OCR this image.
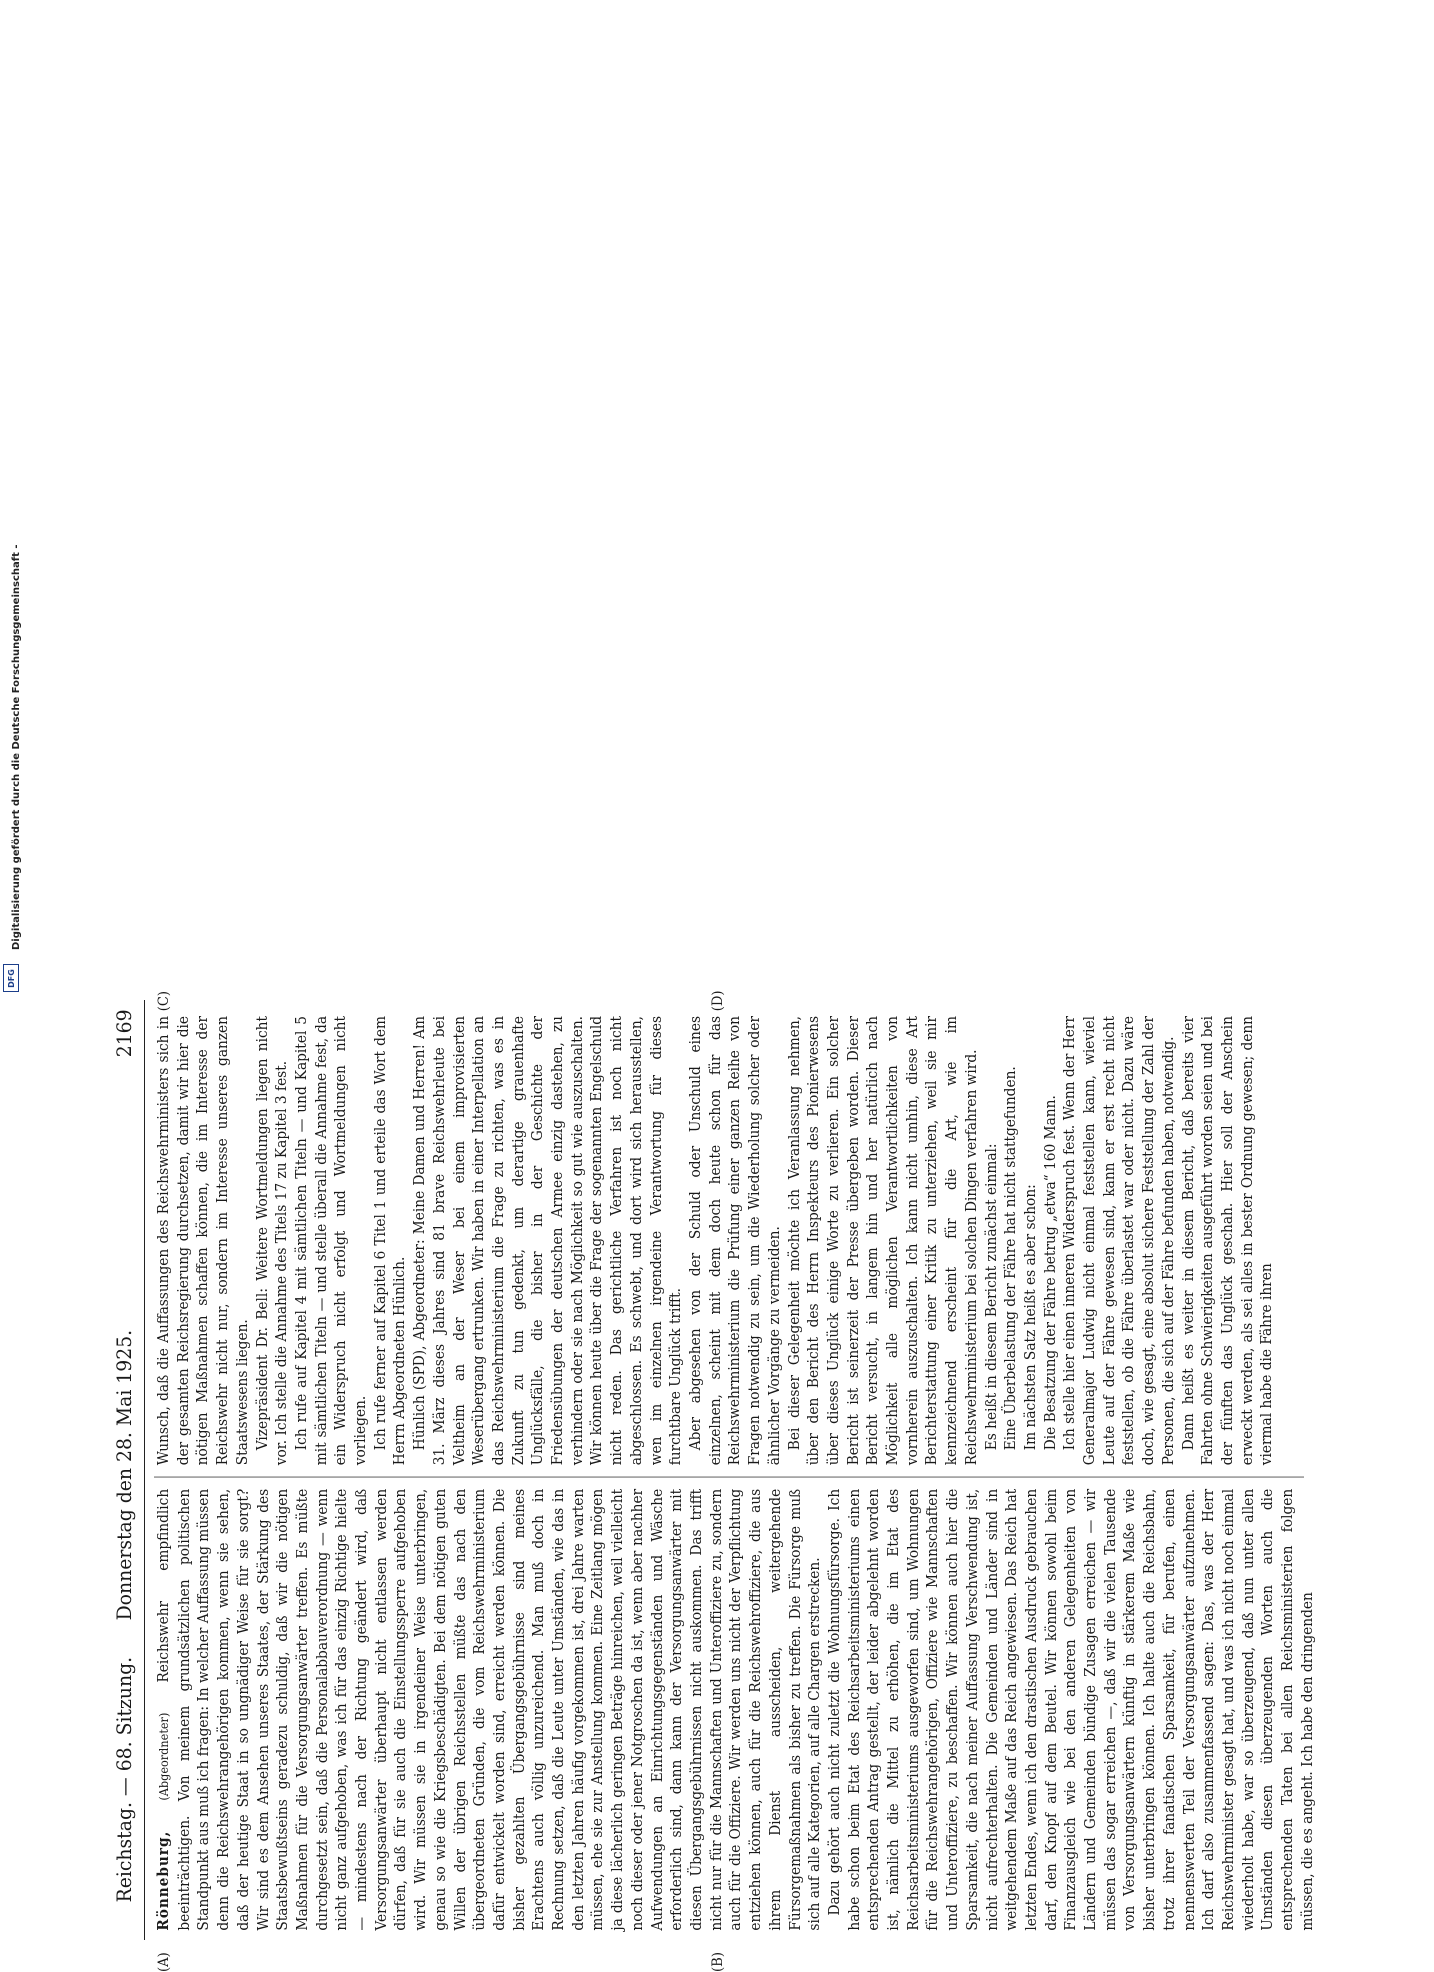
Digitalisierung gefördert durch die Deutsche Forschungsgemeinschaft -
DFG
Reichstag. — 68. Sitzung.
Donnerstag den 28. Mai 1925.
2169
(A)	(B)
(C)	(D)

Rönneburg, (Abgeordneter) Reichswehr empfindlich beeinträchtigen. Von meinem grundsätzlichen politischen Standpunkt aus muß ich fragen: In welcher Auffassung müssen denn die Reichswehrangehörigen kommen, wenn sie sehen, daß der heutige Staat in so ungnädiger Weise für sie sorgt? Wir sind es dem Ansehen unseres Staates, der Stärkung des Staatsbewußtseins geradezu schuldig, daß wir die nötigen Maßnahmen für die Versorgungsanwärter treffen. Es müßte durchgesetzt sein, daß die Personalabbauverordnung — wenn nicht ganz aufgehoben, was ich für das einzig Richtige hielte — mindestens nach der Richtung geändert wird, daß Versorgungsanwärter überhaupt nicht entlassen werden dürfen, daß für sie auch die Einstellungssperre aufgehoben wird. Wir müssen sie in irgendeiner Weise unterbringen, genau so wie die Kriegsbeschädigten. Bei dem nötigen guten Willen der übrigen Reichsstellen müßte das nach den übergeordneten Gründen, die vom Reichswehrministerium dafür entwickelt worden sind, erreicht werden können. Die bisher gezahlten Übergangsgebührnisse sind meines Erachtens auch völlig unzureichend. Man muß doch in Rechnung setzen, daß die Leute unter Umständen, wie das in den letzten Jahren häufig vorgekommen ist, drei Jahre warten müssen, ehe sie zur Anstellung kommen. Eine Zeitlang mögen ja diese lächerlich geringen Beträge hinreichen, weil vielleicht noch dieser oder jener Notgroschen da ist, wenn aber nachher Aufwendungen an Einrichtungsgegenständen und Wäsche erforderlich sind, dann kann der Versorgungsanwärter mit diesen Übergangsgebührnissen nicht auskommen. Das trifft nicht nur für die Mannschaften und Unteroffiziere zu, sondern auch für die Offiziere. Wir werden uns nicht der Verpflichtung entziehen können, auch für die Reichswehroffiziere, die aus ihrem Dienst ausscheiden, weitergehende Fürsorgemaßnahmen als bisher zu treffen. Die Fürsorge muß sich auf alle Kategorien, auf alle Chargen erstrecken. Dazu gehört auch nicht zuletzt die Wohnungsfürsorge. Ich habe schon beim Etat des Reichsarbeitsministeriums einen entsprechenden Antrag gestellt, der leider abgelehnt worden ist, nämlich die Mittel zu erhöhen, die im Etat des Reichsarbeitsministeriums ausgeworfen sind, um Wohnungen für die Reichswehrangehörigen, Offiziere wie Mannschaften und Unteroffiziere, zu beschaffen. Wir können auch hier die Sparsamkeit, die nach meiner Auffassung Verschwendung ist, nicht aufrechterhalten. Die Gemeinden und Länder sind in weitgehendem Maße auf das Reich angewiesen. Das Reich hat letzten Endes, wenn ich den drastischen Ausdruck gebrauchen darf, den Knopf auf dem Beutel. Wir können sowohl beim Finanzausgleich wie bei den anderen Gelegenheiten von Ländern und Gemeinden bündige Zusagen erreichen — wir müssen das sogar erreichen —, daß wir die vielen Tausende von Versorgungsanwärtern künftig in stärkerem Maße wie bisher unterbringen können. Ich halte auch die Reichsbahn, trotz ihrer fanatischen Sparsamkeit, für berufen, einen nennenswerten Teil der Versorgungsanwärter aufzunehmen. Ich darf also zusammenfassend sagen: Das, was der Herr Reichswehrminister gesagt hat, und was ich nicht noch einmal wiederholt habe, war so überzeugend, daß nun unter allen Umständen diesen überzeugenden Worten auch die entsprechenden Taten bei allen Reichsministerien folgen müssen, die es angeht. Ich habe den dringenden

Wunsch, daß die Auffassungen des Reichswehrministers sich in der gesamten Reichsregierung durchsetzen, damit wir hier die nötigen Maßnahmen schaffen können, die im Interesse der Reichswehr nicht nur, sondern im Interesse unseres ganzen Staatswesens liegen. Vizepräsident Dr. Bell: Weitere Wortmeldungen liegen nicht vor. Ich stelle die Annahme des Titels 17 zu Kapitel 3 fest. Ich rufe auf Kapitel 4 mit sämtlichen Titeln — und Kapitel 5 mit sämtlichen Titeln — und stelle überall die Annahme fest, da ein Widerspruch nicht erfolgt und Wortmeldungen nicht vorliegen. Ich rufe ferner auf Kapitel 6 Titel 1 und erteile das Wort dem Herrn Abgeordneten Hünlich. Hünlich (SPD), Abgeordneter: Meine Damen und Herren! Am 31. März dieses Jahres sind 81 brave Reichswehrleute bei Veltheim an der Weser bei einem improvisierten Weserübergang ertrunken. Wir haben in einer Interpellation an das Reichswehrministerium die Frage zu richten, was es in Zukunft zu tun gedenkt, um derartige grauenhafte Unglücksfälle, die bisher in der Geschichte der Friedensübungen der deutschen Armee einzig dastehen, zu verhindern oder sie nach Möglichkeit so gut wie auszuschalten. Wir können heute über die Frage der sogenannten Engelschuld nicht reden. Das gerichtliche Verfahren ist noch nicht abgeschlossen. Es schwebt, und dort wird sich herausstellen, wen im einzelnen irgendeine Verantwortung für dieses furchtbare Unglück trifft. Aber abgesehen von der Schuld oder Unschuld eines einzelnen, scheint mit dem doch heute schon für das Reichswehrministerium die Prüfung einer ganzen Reihe von Fragen notwendig zu sein, um die Wiederholung solcher oder ähnlicher Vorgänge zu vermeiden. Bei dieser Gelegenheit möchte ich Veranlassung nehmen, über den Bericht des Herrn Inspekteurs des Pionierwesens über dieses Unglück einige Worte zu verlieren. Ein solcher Bericht ist seinerzeit der Presse übergeben worden. Dieser Bericht versucht, in langem hin und her natürlich nach Möglichkeit alle möglichen Verantwortlichkeiten von vornherein auszuschalten. Ich kann nicht umhin, diese Art Berichterstattung einer Kritik zu unterziehen, weil sie mir kennzeichnend erscheint für die Art, wie im Reichswehrministerium bei solchen Dingen verfahren wird. Es heißt in diesem Bericht zunächst einmal: Eine Überbelastung der Fähre hat nicht stattgefunden. Im nächsten Satz heißt es aber schon: Die Besatzung der Fähre betrug „etwa“ 160 Mann. Ich stelle hier einen inneren Widerspruch fest. Wenn der Herr Generalmajor Ludwig nicht einmal feststellen kann, wieviel Leute auf der Fähre gewesen sind, kann er erst recht nicht feststellen, ob die Fähre überlastet war oder nicht. Dazu wäre doch, wie gesagt, eine absolut sichere Feststellung der Zahl der Personen, die sich auf der Fähre befunden haben, notwendig. Dann heißt es weiter in diesem Bericht, daß bereits vier Fahrten ohne Schwierigkeiten ausgeführt worden seien und bei der fünften das Unglück geschah. Hier soll der Anschein erweckt werden, als sei alles in bester Ordnung gewesen; denn viermal habe die Fähre ihren
